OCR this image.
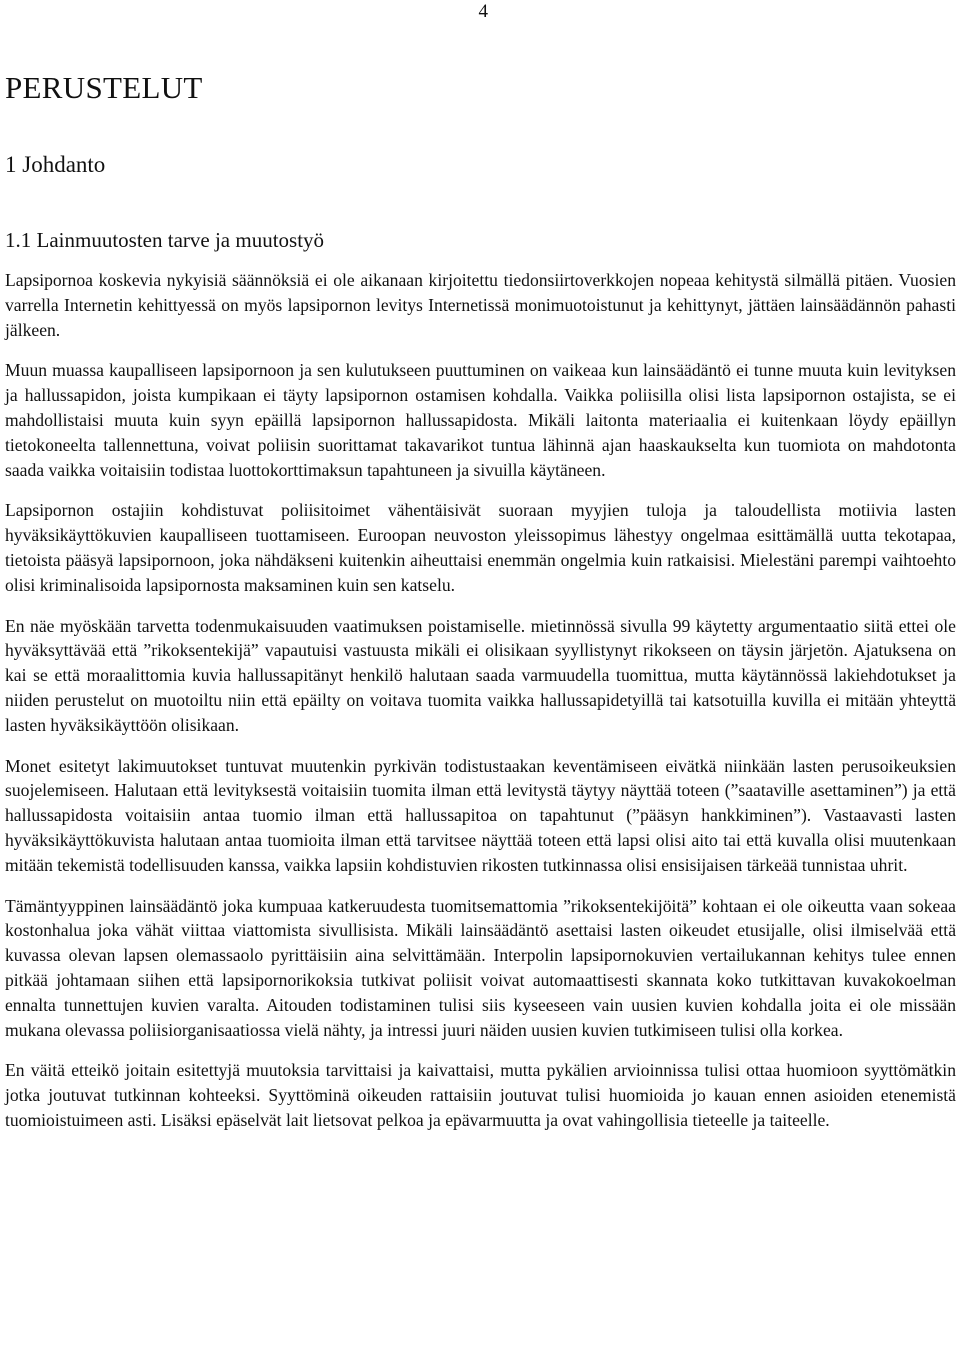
4
PERUSTELUT
1 Johdanto
1.1 Lainmuutosten tarve ja muutostyö

Lapsipornoa koskevia nykyisiä säännöksiä ei ole aikanaan kirjoitettu tiedonsiirtoverkkojen nopeaa kehitystä silmällä pitäen. Vuosien varrella Internetin kehittyessä on myös lapsipornon levitys Internetissä monimuotoistunut ja kehittynyt, jättäen lainsäädännön pahasti jälkeen.

Muun muassa kaupalliseen lapsipornoon ja sen kulutukseen puuttuminen on vaikeaa kun lainsäädäntö ei tunne muuta kuin levityksen ja hallussapidon, joista kumpikaan ei täyty lapsipornon ostamisen kohdalla. Vaikka poliisilla olisi lista lapsipornon ostajista, se ei mahdollistaisi muuta kuin syyn epäillä lapsipornon hallussapidosta. Mikäli laitonta materiaalia ei kuitenkaan löydy epäillyn tietokoneelta tallennettuna, voivat poliisin suorittamat takavarikot tuntua lähinnä ajan haaskaukselta kun tuomiota on mahdotonta saada vaikka voitaisiin todistaa luottokorttimaksun tapahtuneen ja sivuilla käytäneen.

Lapsipornon ostajiin kohdistuvat poliisitoimet vähentäisivät suoraan myyjien tuloja ja taloudellista motiivia lasten hyväksikäyttökuvien kaupalliseen tuottamiseen. Euroopan neuvoston yleissopimus lähestyy ongelmaa esittämällä uutta tekotapaa, tietoista pääsyä lapsipornoon, joka nähdäkseni kuitenkin aiheuttaisi enemmän ongelmia kuin ratkaisisi. Mielestäni parempi vaihtoehto olisi kriminalisoida lapsipornosta maksaminen kuin sen katselu.

En näe myöskään tarvetta todenmukaisuuden vaatimuksen poistamiselle. mietinnössä sivulla 99 käytetty argumentaatio siitä ettei ole hyväksyttävää että ”rikoksentekijä” vapautuisi vastuusta mikäli ei olisikaan syyllistynyt rikokseen on täysin järjetön. Ajatuksena on kai se että moraalittomia kuvia hallussapitänyt henkilö halutaan saada varmuudella tuomittua, mutta käytännössä lakiehdotukset ja niiden perustelut on muotoiltu niin että epäilty on voitava tuomita vaikka hallussapidetyillä tai katsotuilla kuvilla ei mitään yhteyttä lasten hyväksikäyttöön olisikaan.

Monet esitetyt lakimuutokset tuntuvat muutenkin pyrkivän todistustaakan keventämiseen eivätkä niinkään lasten perusoikeuksien suojelemiseen. Halutaan että levityksestä voitaisiin tuomita ilman että levitystä täytyy näyttää toteen (”saataville asettaminen”) ja että hallussapidosta voitaisiin antaa tuomio ilman että hallussapitoa on tapahtunut (”pääsyn hankkiminen”). Vastaavasti lasten hyväksikäyttökuvista halutaan antaa tuomioita ilman että tarvitsee näyttää toteen että lapsi olisi aito tai että kuvalla olisi muutenkaan mitään tekemistä todellisuuden kanssa, vaikka lapsiin kohdistuvien rikosten tutkinnassa olisi ensisijaisen tärkeää tunnistaa uhrit.

Tämäntyyppinen lainsäädäntö joka kumpuaa katkeruudesta tuomitsemattomia ”rikoksentekijöitä” kohtaan ei ole oikeutta vaan sokeaa kostonhalua joka vähät viittaa viattomista sivullisista. Mikäli lainsäädäntö asettaisi lasten oikeudet etusijalle, olisi ilmiselvää että kuvassa olevan lapsen olemassaolo pyrittäisiin aina selvittämään. Interpolin lapsipornokuvien vertailukannan kehitys tulee ennen pitkää johtamaan siihen että lapsipornorikoksia tutkivat poliisit voivat automaattisesti skannata koko tutkittavan kuvakokoelman ennalta tunnettujen kuvien varalta. Aitouden todistaminen tulisi siis kyseeseen vain uusien kuvien kohdalla joita ei ole missään mukana olevassa poliisiorganisaatiossa vielä nähty, ja intressi juuri näiden uusien kuvien tutkimiseen tulisi olla korkea.

En väitä etteikö joitain esitettyjä muutoksia tarvittaisi ja kaivattaisi, mutta pykälien arvioinnissa tulisi ottaa huomioon syyttömätkin jotka joutuvat tutkinnan kohteeksi. Syyttöminä oikeuden rattaisiin joutuvat tulisi huomioida jo kauan ennen asioiden etenemistä tuomioistuimeen asti. Lisäksi epäselvät lait lietsovat pelkoa ja epävarmuutta ja ovat vahingollisia tieteelle ja taiteelle.
